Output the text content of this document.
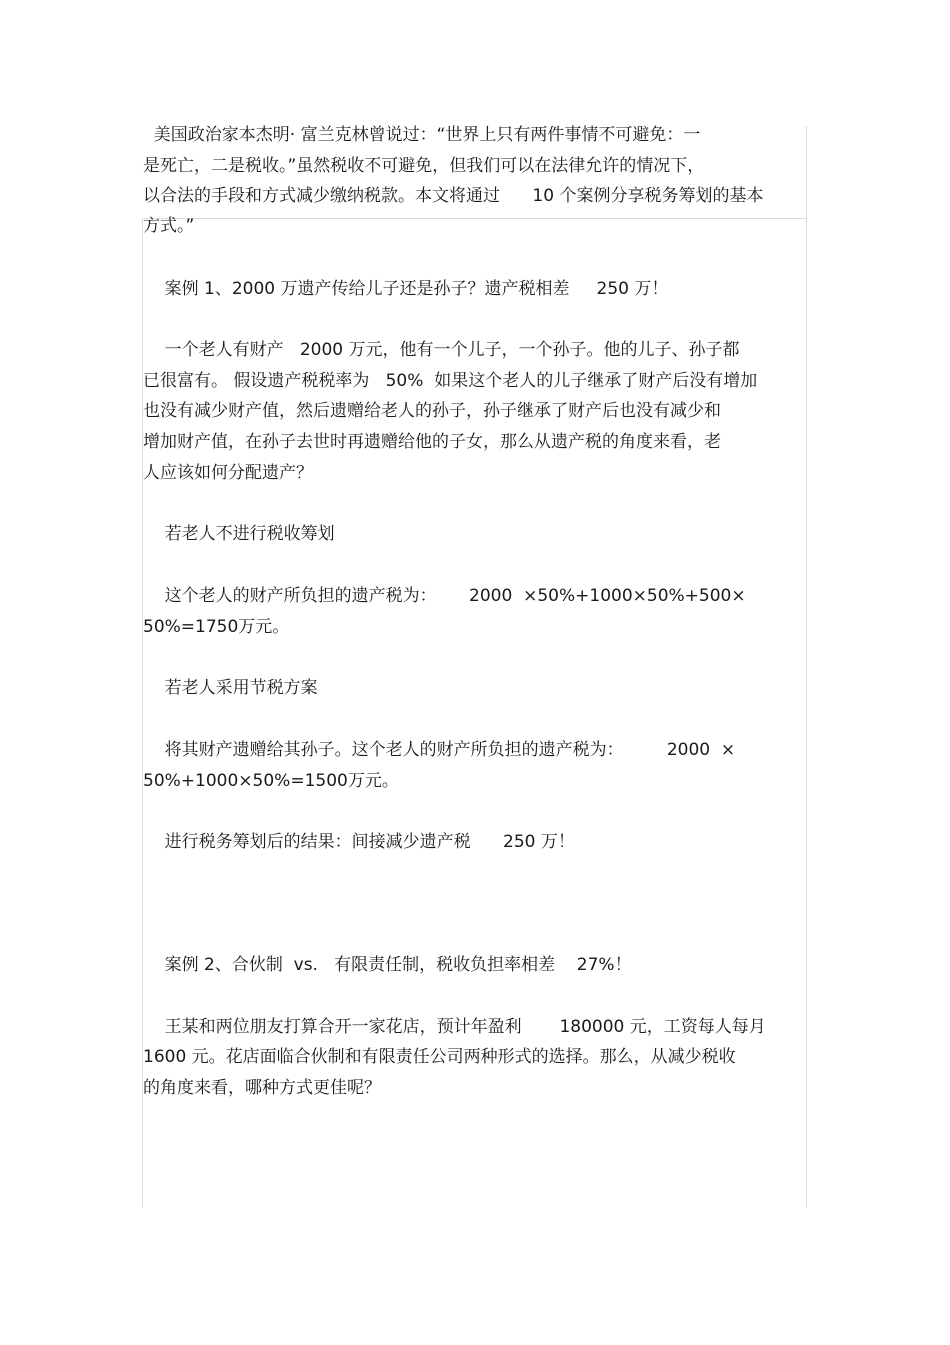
美国政治家本杰明· 富兰克林曾说过：“世界上只有两件事情不可避免：一
是死亡，二是税收。”虽然税收不可避免，但我们可以在法律允许的情况下，
以合法的手段和方式减少缴纳税款。本文将通过      10 个案例分享税务筹划的基本
方式。”
案例 1、2000 万遗产传给儿子还是孙子？遗产税相差     250 万！
一个老人有财产   2000 万元，他有一个儿子，一个孙子。他的儿子、孙子都
已很富有。 假设遗产税税率为   50%  如果这个老人的儿子继承了财产后没有增加
也没有减少财产值，然后遗赠给老人的孙子，孙子继承了财产后也没有减少和
增加财产值，在孙子去世时再遗赠给他的子女，那么从遗产税的角度来看，老
人应该如何分配遗产？
若老人不进行税收筹划
这个老人的财产所负担的遗产税为：      2000  ×50%+1000×50%+500×
50%=1750万元。
若老人采用节税方案
将其财产遗赠给其孙子。这个老人的财产所负担的遗产税为：        2000  ×
50%+1000×50%=1500万元。
进行税务筹划后的结果：间接减少遗产税      250 万！
案例 2、合伙制  vs.   有限责任制，税收负担率相差    27%！
王某和两位朋友打算合开一家花店，预计年盈利       180000 元，工资每人每月
1600 元。花店面临合伙制和有限责任公司两种形式的选择。那么，从减少税收
的角度来看，哪种方式更佳呢？
